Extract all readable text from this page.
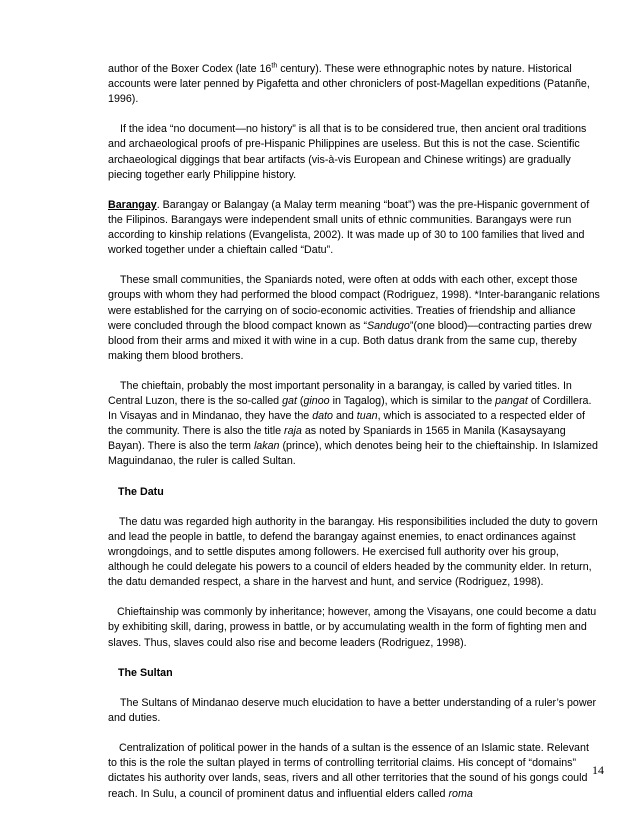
author of the Boxer Codex (late 16th century). These were ethnographic notes by nature. Historical accounts were later penned by Pigafetta and other chroniclers of post-Magellan expeditions (Patanñe, 1996).

If the idea “no document—no history” is all that is to be considered true, then ancient oral traditions and archaeological proofs of pre-Hispanic Philippines are useless. But this is not the case. Scientific archaeological diggings that bear artifacts (vis-à-vis European and Chinese writings) are gradually piecing together early Philippine history.

Barangay. Barangay or Balangay (a Malay term meaning “boat”) was the pre-Hispanic government of the Filipinos. Barangays were independent small units of ethnic communities. Barangays were run according to kinship relations (Evangelista, 2002). It was made up of 30 to 100 families that lived and worked together under a chieftain called “Datu”.

These small communities, the Spaniards noted, were often at odds with each other, except those groups with whom they had performed the blood compact (Rodriguez, 1998). *Inter-baranganic relations were established for the carrying on of socio-economic activities. Treaties of friendship and alliance were concluded through the blood compact known as “Sandugo”(one blood)—contracting parties drew blood from their arms and mixed it with wine in a cup. Both datus drank from the same cup, thereby making them blood brothers.

The chieftain, probably the most important personality in a barangay, is called by varied titles. In Central Luzon, there is the so-called gat (ginoo in Tagalog), which is similar to the pangat of Cordillera. In Visayas and in Mindanao, they have the dato and tuan, which is associated to a respected elder of the community. There is also the title raja as noted by Spaniards in 1565 in Manila (Kasaysayang Bayan). There is also the term lakan (prince), which denotes being heir to the chieftainship. In Islamized Maguindanao, the ruler is called Sultan.

The Datu

The datu was regarded high authority in the barangay. His responsibilities included the duty to govern and lead the people in battle, to defend the barangay against enemies, to enact ordinances against wrongdoings, and to settle disputes among followers. He exercised full authority over his group, although he could delegate his powers to a council of elders headed by the community elder. In return, the datu demanded respect, a share in the harvest and hunt, and service (Rodriguez, 1998).

Chieftainship was commonly by inheritance; however, among the Visayans, one could become a datu by exhibiting skill, daring, prowess in battle, or by accumulating wealth in the form of fighting men and slaves. Thus, slaves could also rise and become leaders (Rodriguez, 1998).

The Sultan

The Sultans of Mindanao deserve much elucidation to have a better understanding of a ruler’s power and duties.

Centralization of political power in the hands of a sultan is the essence of an Islamic state. Relevant to this is the role the sultan played in terms of controlling territorial claims. His concept of “domains” dictates his authority over lands, seas, rivers and all other territories that the sound of his gongs could reach. In Sulu, a council of prominent datus and influential elders called roma

14
